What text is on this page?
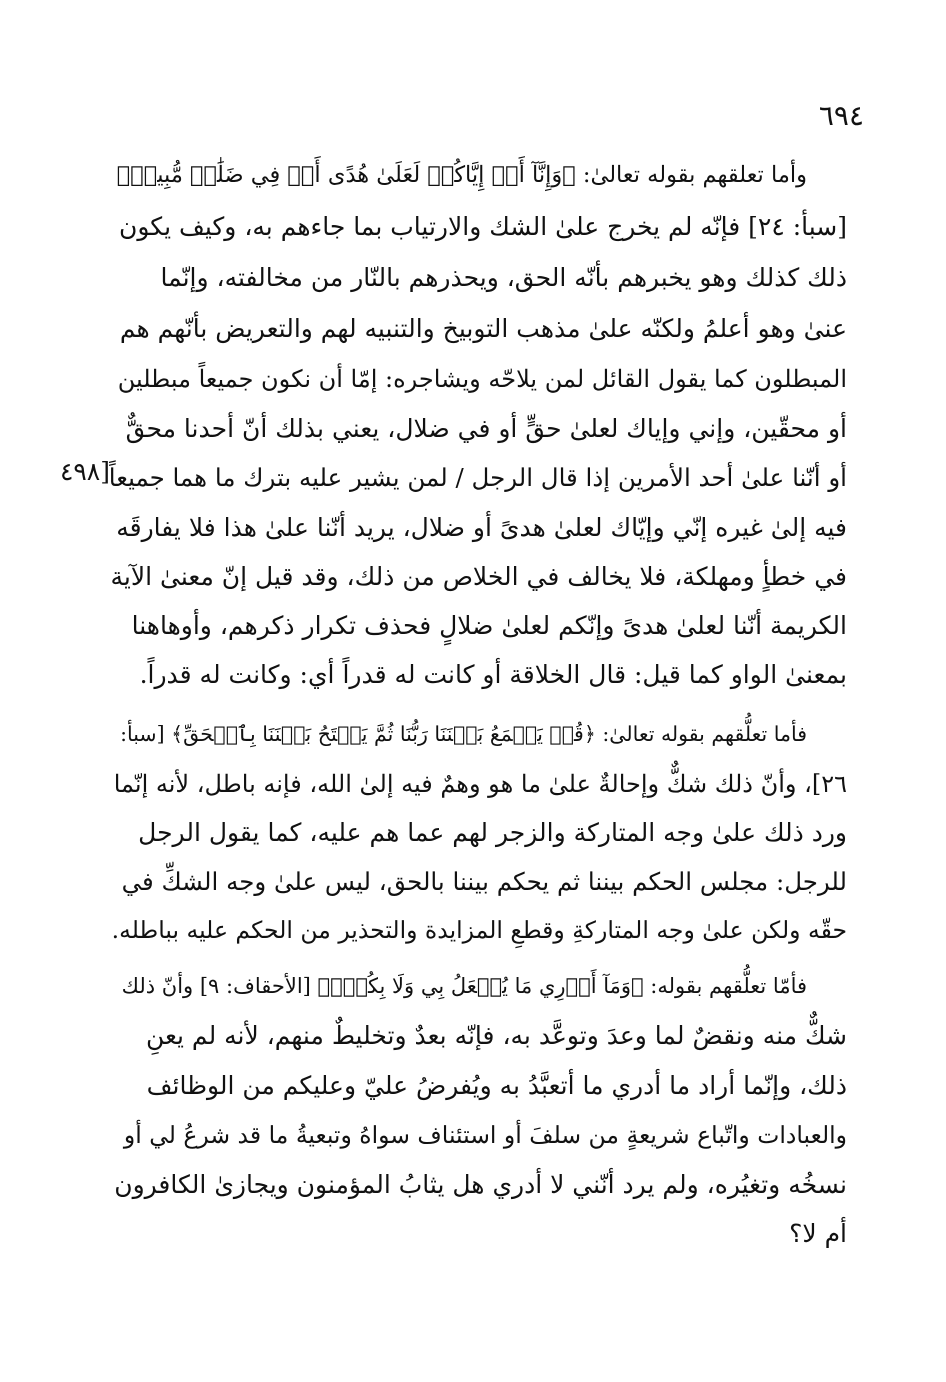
٦٩٤
[٤٩٨
وأما تعلقهم بقوله تعالىٰ: ﴿وَإِنَّآ أَوۡ إِيَّاكُمۡ لَعَلَىٰ هُدًى أَوۡ فِي ضَلَٰلٖ مُّبِينٖ﴾
[سبأ: ٢٤] فإنّه لم يخرج علىٰ الشك والارتياب بما جاءهم به، وكيف يكون
ذلك كذلك وهو يخبرهم بأنّه الحق، ويحذرهم بالنّار من مخالفته، وإنّما
عنىٰ وهو أعلمُ ولكنّه علىٰ مذهب التوبيخ والتنبيه لهم والتعريض بأنّهم هم
المبطلون كما يقول القائل لمن يلاحّه ويشاجره: إمّا أن نكون جميعاً مبطلين
أو محقّين، وإني وإياك لعلىٰ حقٍّ أو في ضلال، يعني بذلك أنّ أحدنا محقٌّ
أو أنّنا علىٰ أحد الأمرين إذا قال الرجل / لمن يشير عليه بترك ما هما جميعاً
فيه إلىٰ غيره إنّي وإيّاك لعلىٰ هدىً أو ضلال، يريد أنّنا علىٰ هذا فلا يفارقَه
في خطأٍ ومهلكة، فلا يخالف في الخلاص من ذلك، وقد قيل إنّ معنىٰ الآية
الكريمة أنّنا لعلىٰ هدىً وإنّكم لعلىٰ ضلالٍ فحذف تكرار ذكرهم، وأوهاهنا
بمعنىٰ الواو كما قيل: قال الخلاقة أو كانت له قدراً أي: وكانت له قدراً.
فأما تعلُّقهم بقوله تعالىٰ: ﴿قُلۡ يَجۡمَعُ بَيۡنَنَا رَبُّنَا ثُمَّ يَفۡتَحُ بَيۡنَنَا بِٱلۡحَقِّ﴾ [سبأ:
٢٦]، وأنّ ذلك شكٌّ وإحالةٌ علىٰ ما هو وهمٌ فيه إلىٰ الله، فإنه باطل، لأنه إنّما
ورد ذلك علىٰ وجه المتاركة والزجر لهم عما هم عليه، كما يقول الرجل
للرجل: مجلس الحكم بيننا ثم يحكم بيننا بالحق، ليس علىٰ وجه الشكِّ في
حقّه ولكن علىٰ وجه المتاركةِ وقطعِ المزايدة والتحذير من الحكم عليه بباطله.
فأمّا تعلُّقهم بقوله: ﴿وَمَآ أَدۡرِي مَا يُفۡعَلُ بِي وَلَا بِكُمۡۖ﴾ [الأحقاف: ٩] وأنّ ذلك
شكٌّ منه ونقضٌ لما وعدَ وتوعَّد به، فإنّه بعدٌ وتخليطٌ منهم، لأنه لم يعنِ
ذلك، وإنّما أراد ما أدري ما أتعبَّدُ به ويُفرضُ عليّ وعليكم من الوظائف
والعبادات واتّباع شريعةٍ من سلفَ أو استئناف سواهُ وتبعيةُ ما قد شرعُ لي أو
نسخُه وتغيُره، ولم يرد أنّني لا أدري هل يثابُ المؤمنون ويجازىٰ الكافرون
أم لا؟
